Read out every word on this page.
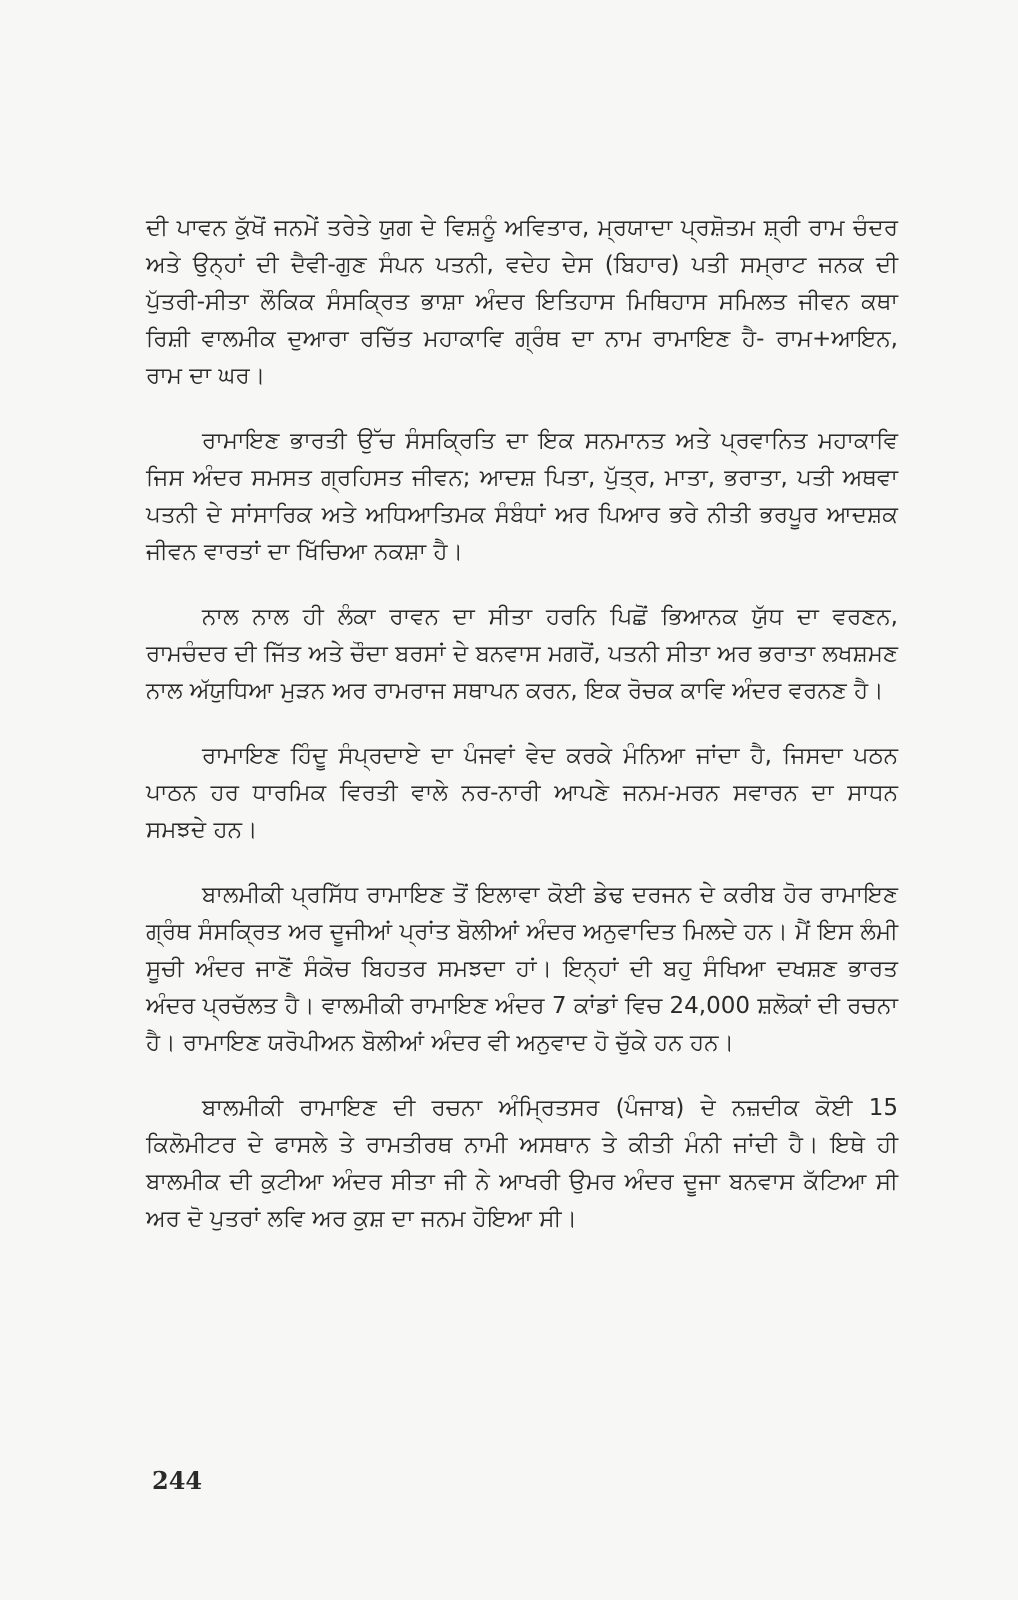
ਦੀ ਪਾਵਨ ਕੁੱਖੋਂ ਜਨਮੇਂ ਤਰੇਤੇ ਯੁਗ ਦੇ ਵਿਸ਼ਨੂੰ ਅਵਿਤਾਰ, ਮ੍ਰਯਾਦਾ ਪ੍ਰਸ਼ੋਤਮ ਸ਼੍ਰੀ ਰਾਮ ਚੰਦਰ ਅਤੇ ਉਨ੍ਹਾਂ ਦੀ ਦੈਵੀ-ਗੁਣ ਸੰਪਨ ਪਤਨੀ, ਵਦੇਹ ਦੇਸ (ਬਿਹਾਰ) ਪਤੀ ਸਮ੍ਰਾਟ ਜਨਕ ਦੀ ਪੁੱਤਰੀ-ਸੀਤਾ ਲੌਕਿਕ ਸੰਸਕ੍ਰਿਤ ਭਾਸ਼ਾ ਅੰਦਰ ਇਤਿਹਾਸ ਮਿਥਿਹਾਸ ਸਮਿਲਤ ਜੀਵਨ ਕਥਾ ਰਿਸ਼ੀ ਵਾਲਮੀਕ ਦੁਆਰਾ ਰਚਿੱਤ ਮਹਾਕਾਵਿ ਗ੍ਰੰਥ ਦਾ ਨਾਮ ਰਾਮਾਇਣ ਹੈ- ਰਾਮ+ਆਇਨ, ਰਾਮ ਦਾ ਘਰ।

ਰਾਮਾਇਣ ਭਾਰਤੀ ਉੱਚ ਸੰਸਕ੍ਰਿਤਿ ਦਾ ਇਕ ਸਨਮਾਨਤ ਅਤੇ ਪ੍ਰਵਾਨਿਤ ਮਹਾਕਾਵਿ ਜਿਸ ਅੰਦਰ ਸਮਸਤ ਗ੍ਰਹਿਸਤ ਜੀਵਨ; ਆਦਸ਼ ਪਿਤਾ, ਪੁੱਤ੍ਰ, ਮਾਤਾ, ਭਰਾਤਾ, ਪਤੀ ਅਥਵਾ ਪਤਨੀ ਦੇ ਸਾਂਸਾਰਿਕ ਅਤੇ ਅਧਿਆਤਿਮਕ ਸੰਬੰਧਾਂ ਅਰ ਪਿਆਰ ਭਰੇ ਨੀਤੀ ਭਰਪੂਰ ਆਦਸ਼ਕ ਜੀਵਨ ਵਾਰਤਾਂ ਦਾ ਖਿੱਚਿਆ ਨਕਸ਼ਾ ਹੈ।

ਨਾਲ ਨਾਲ ਹੀ ਲੰਕਾ ਰਾਵਨ ਦਾ ਸੀਤਾ ਹਰਨਿ ਪਿਛੋਂ ਭਿਆਨਕ ਯੁੱਧ ਦਾ ਵਰਣਨ, ਰਾਮਚੰਦਰ ਦੀ ਜਿੱਤ ਅਤੇ ਚੌਦਾ ਬਰਸਾਂ ਦੇ ਬਨਵਾਸ ਮਗਰੋਂ, ਪਤਨੀ ਸੀਤਾ ਅਰ ਭਰਾਤਾ ਲਖਸ਼ਮਣ ਨਾਲ ਅੱਯੁਧਿਆ ਮੁੜਨ ਅਰ ਰਾਮਰਾਜ ਸਥਾਪਨ ਕਰਨ, ਇਕ ਰੋਚਕ ਕਾਵਿ ਅੰਦਰ ਵਰਨਣ ਹੈ।

ਰਾਮਾਇਣ ਹਿੰਦੂ ਸੰਪ੍ਰਦਾਏ ਦਾ ਪੰਜਵਾਂ ਵੇਦ ਕਰਕੇ ਮੰਨਿਆ ਜਾਂਦਾ ਹੈ, ਜਿਸਦਾ ਪਠਨ ਪਾਠਨ ਹਰ ਧਾਰਮਿਕ ਵਿਰਤੀ ਵਾਲੇ ਨਰ-ਨਾਰੀ ਆਪਣੇ ਜਨਮ-ਮਰਨ ਸਵਾਰਨ ਦਾ ਸਾਧਨ ਸਮਝਦੇ ਹਨ।

ਬਾਲਮੀਕੀ ਪ੍ਰਸਿੱਧ ਰਾਮਾਇਣ ਤੋਂ ਇਲਾਵਾ ਕੋਈ ਡੇਢ ਦਰਜਨ ਦੇ ਕਰੀਬ ਹੋਰ ਰਾਮਾਇਣ ਗ੍ਰੰਥ ਸੰਸਕ੍ਰਿਤ ਅਰ ਦੂਜੀਆਂ ਪ੍ਰਾਂਤ ਬੋਲੀਆਂ ਅੰਦਰ ਅਨੁਵਾਦਿਤ ਮਿਲਦੇ ਹਨ। ਮੈਂ ਇਸ ਲੰਮੀ ਸੂਚੀ ਅੰਦਰ ਜਾਣੋਂ ਸੰਕੋਚ ਬਿਹਤਰ ਸਮਝਦਾ ਹਾਂ। ਇਨ੍ਹਾਂ ਦੀ ਬਹੁ ਸੰਖਿਆ ਦਖਸ਼ਣ ਭਾਰਤ ਅੰਦਰ ਪ੍ਰਚੱਲਤ ਹੈ। ਵਾਲਮੀਕੀ ਰਾਮਾਇਣ ਅੰਦਰ 7 ਕਾਂਡਾਂ ਵਿਚ 24,000 ਸ਼ਲੋਕਾਂ ਦੀ ਰਚਨਾ ਹੈ। ਰਾਮਾਇਣ ਯਰੋਪੀਅਨ ਬੋਲੀਆਂ ਅੰਦਰ ਵੀ ਅਨੁਵਾਦ ਹੋ ਚੁੱਕੇ ਹਨ ਹਨ।

ਬਾਲਮੀਕੀ ਰਾਮਾਇਣ ਦੀ ਰਚਨਾ ਅੰਮ੍ਰਿਤਸਰ (ਪੰਜਾਬ) ਦੇ ਨਜ਼ਦੀਕ ਕੋਈ 15 ਕਿਲੋਮੀਟਰ ਦੇ ਫਾਸਲੇ ਤੇ ਰਾਮਤੀਰਥ ਨਾਮੀ ਅਸਥਾਨ ਤੇ ਕੀਤੀ ਮੰਨੀ ਜਾਂਦੀ ਹੈ। ਇਥੇ ਹੀ ਬਾਲਮੀਕ ਦੀ ਕੁਟੀਆ ਅੰਦਰ ਸੀਤਾ ਜੀ ਨੇ ਆਖਰੀ ਉਮਰ ਅੰਦਰ ਦੂਜਾ ਬਨਵਾਸ ਕੱਟਿਆ ਸੀ ਅਰ ਦੋ ਪੁਤਰਾਂ ਲਵਿ ਅਰ ਕੁਸ਼ ਦਾ ਜਨਮ ਹੋਇਆ ਸੀ।

244
